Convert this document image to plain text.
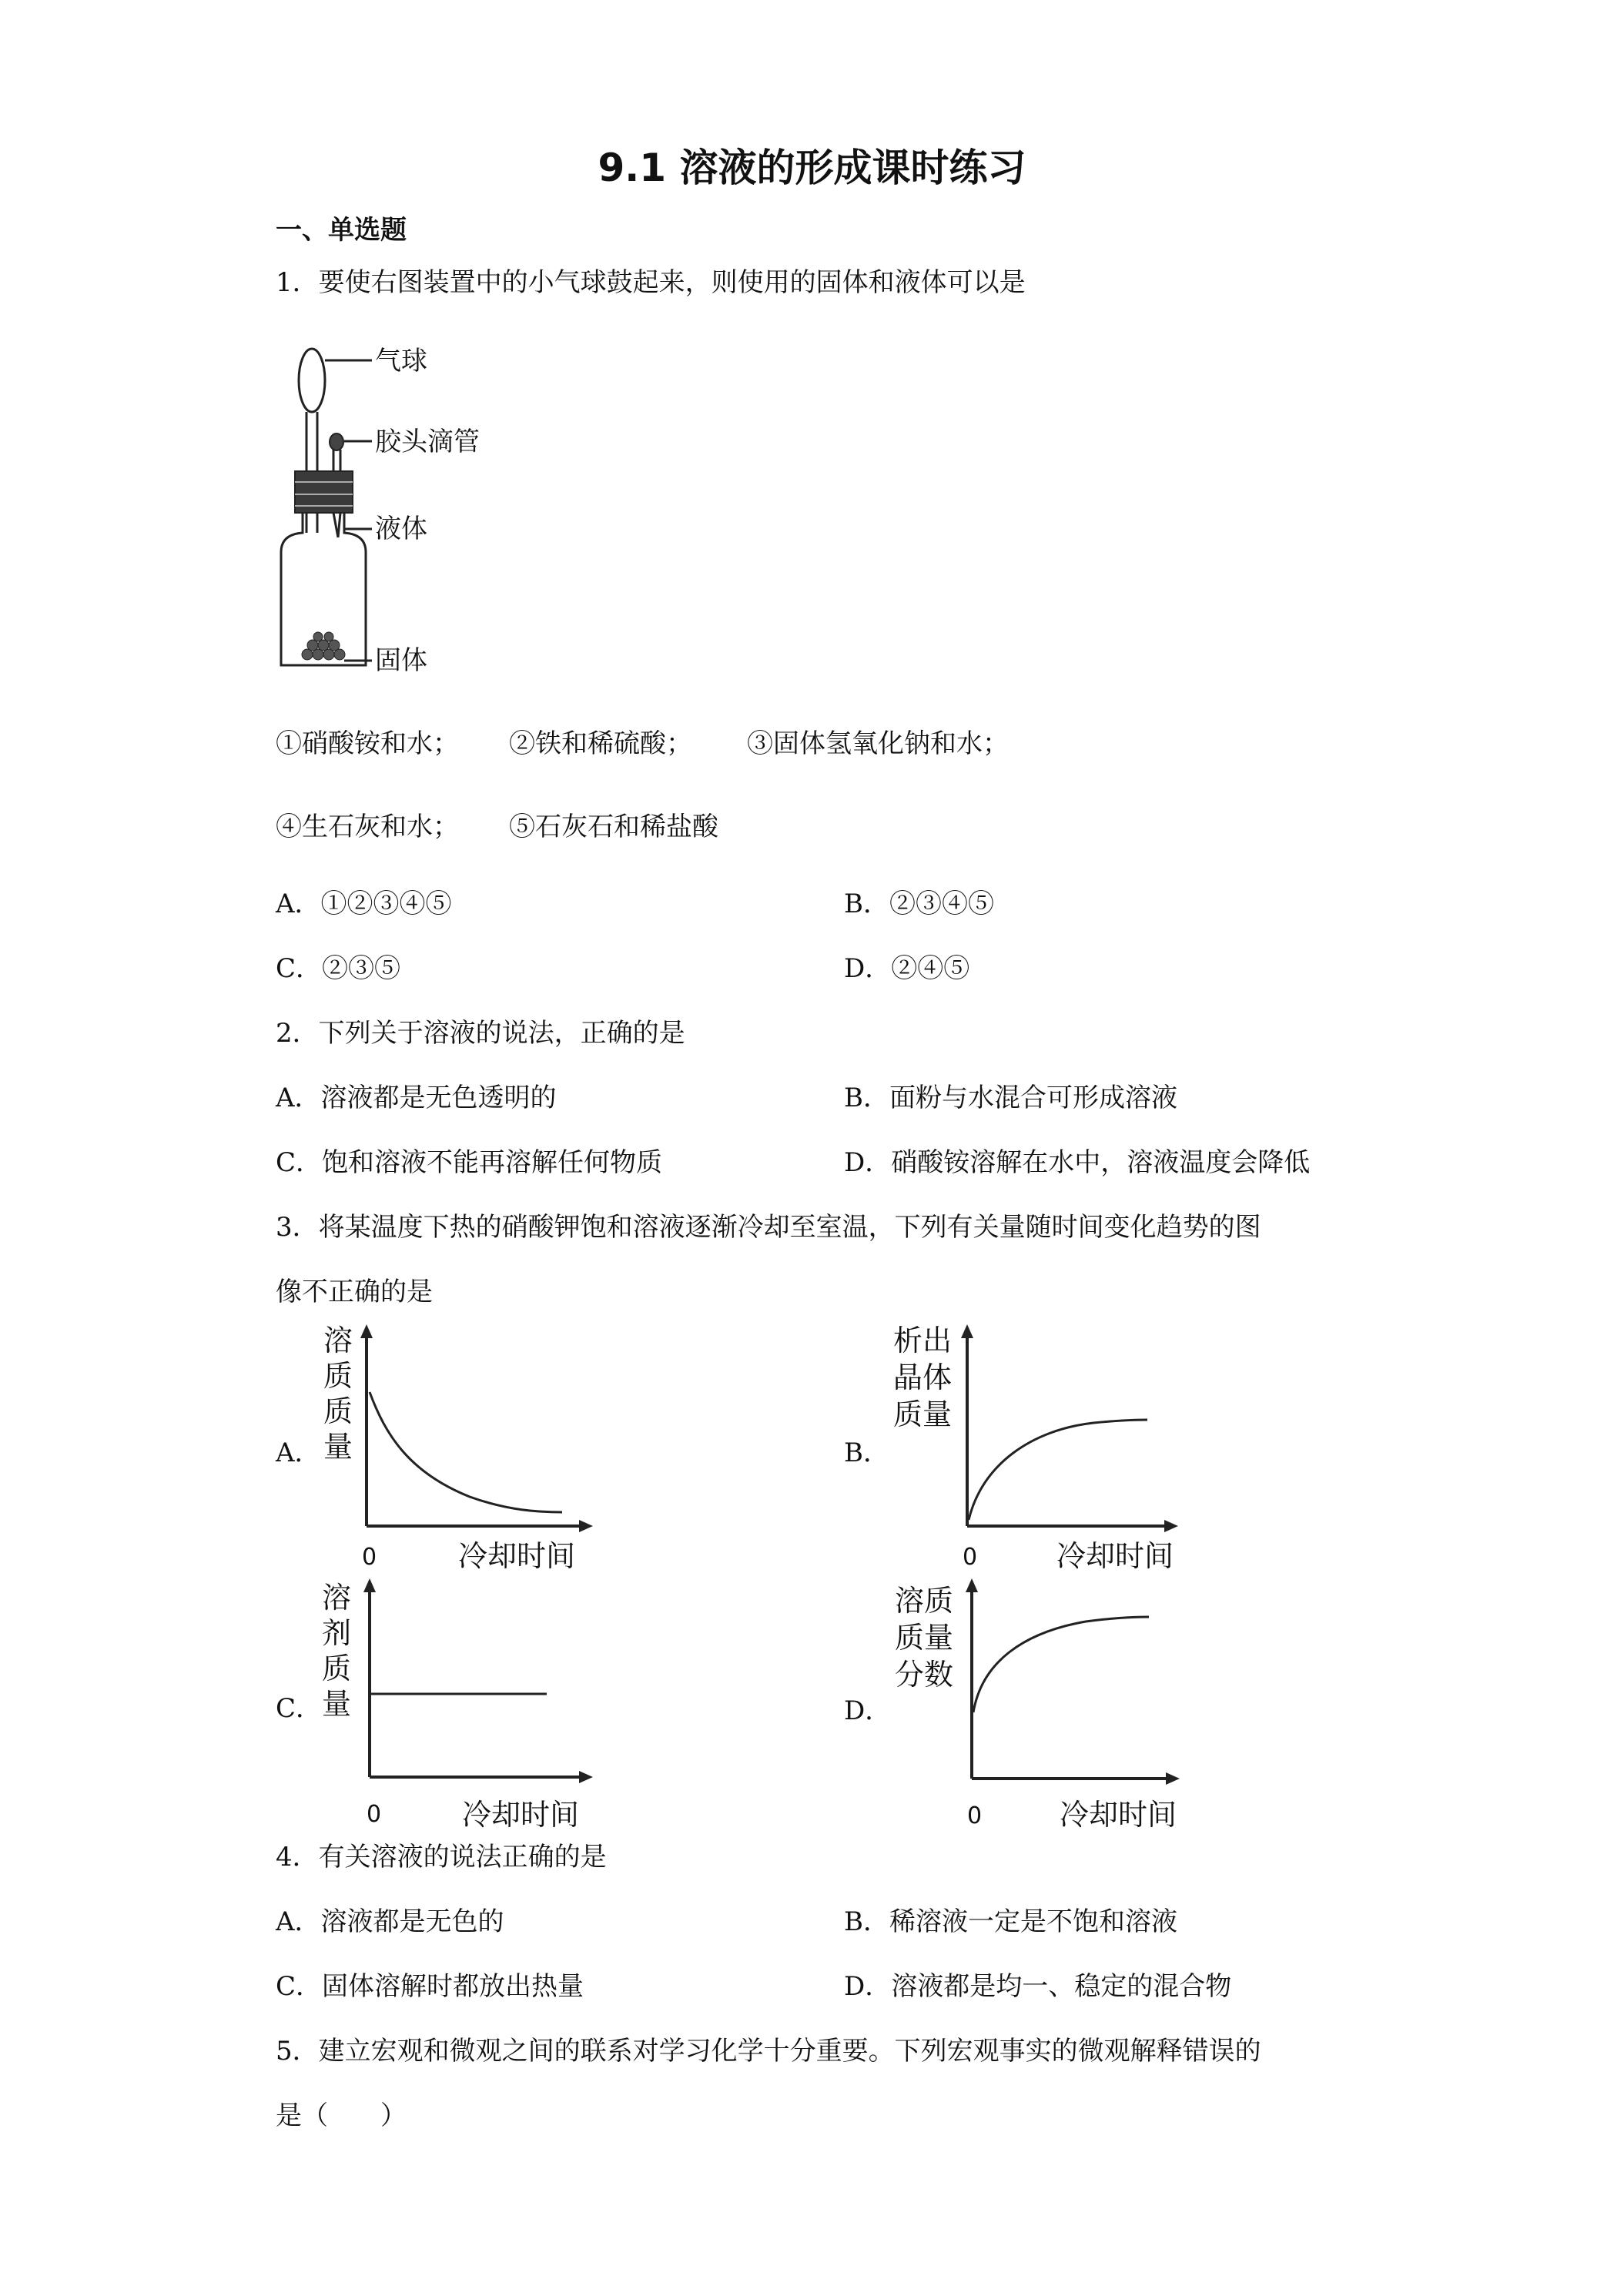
9.1 溶液的形成课时练习
一、单选题
1．要使右图装置中的小气球鼓起来，则使用的固体和液体可以是
气球
胶头滴管
液体
固体
①硝酸铵和水； ②铁和稀硫酸； ③固体氢氧化钠和水；
④生石灰和水； ⑤石灰石和稀盐酸
A．①②③④⑤	B．②③④⑤
C．②③⑤	D．②④⑤
2．下列关于溶液的说法，正确的是
A．溶液都是无色透明的	B．面粉与水混合可形成溶液
C．饱和溶液不能再溶解任何物质	D．硝酸铵溶解在水中，溶液温度会降低
3．将某温度下热的硝酸钾饱和溶液逐渐冷却至室温，下列有关量随时间变化趋势的图
像不正确的是
A．
溶
质
质
量
0	冷却时间
B．
析出
晶体
质量
0	冷却时间
C．
溶
剂
质
量
0	冷却时间
D．
溶质
质量
分数
0	冷却时间
4．有关溶液的说法正确的是
A．溶液都是无色的	B．稀溶液一定是不饱和溶液
C．固体溶解时都放出热量	D．溶液都是均一、稳定的混合物
5．建立宏观和微观之间的联系对学习化学十分重要。下列宏观事实的微观解释错误的
是（　　）
